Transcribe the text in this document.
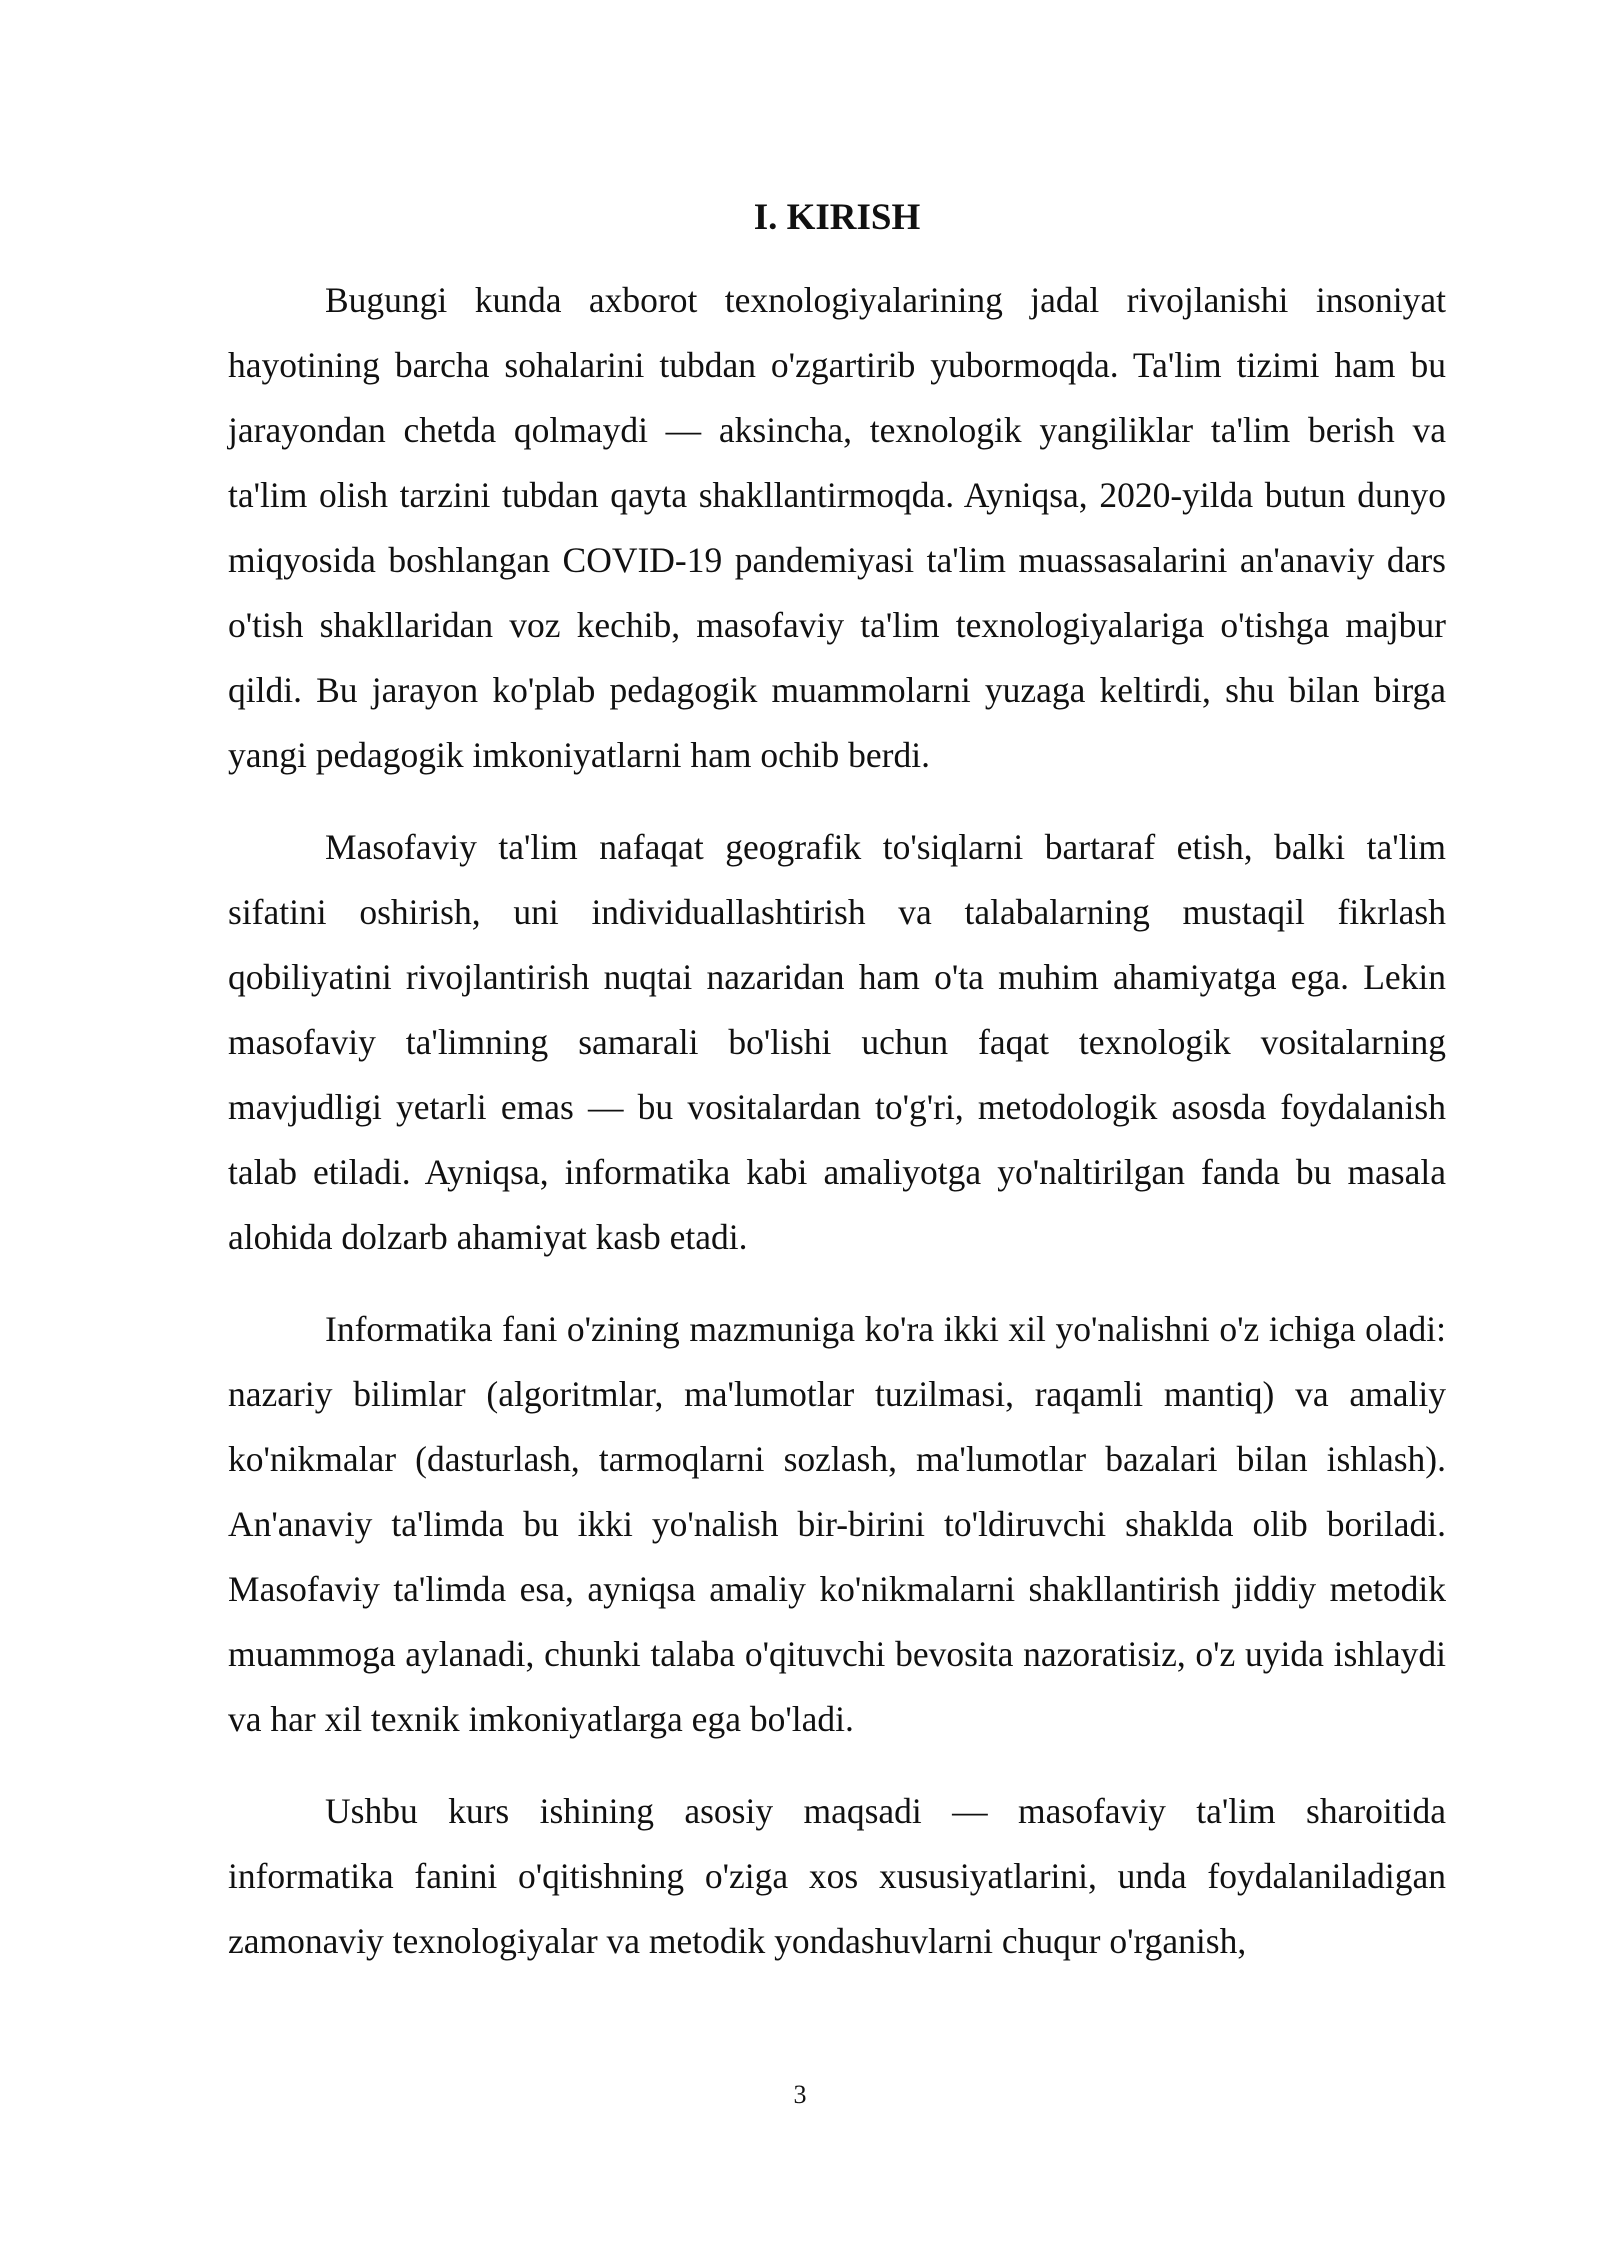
I. KIRISH

Bugungi kunda axborot texnologiyalarining jadal rivojlanishi insoniyat hayotining barcha sohalarini tubdan o'zgartirib yubormoqda. Ta'lim tizimi ham bu jarayondan chetda qolmaydi — aksincha, texnologik yangiliklar ta'lim berish va ta'lim olish tarzini tubdan qayta shakllantirmoqda. Ayniqsa, 2020-yilda butun dunyo miqyosida boshlangan COVID-19 pandemiyasi ta'lim muassasalarini an'anaviy dars o'tish shakllaridan voz kechib, masofaviy ta'lim texnologiyalariga o'tishga majbur qildi. Bu jarayon ko'plab pedagogik muammolarni yuzaga keltirdi, shu bilan birga yangi pedagogik imkoniyatlarni ham ochib berdi.

Masofaviy ta'lim nafaqat geografik to'siqlarni bartaraf etish, balki ta'lim sifatini oshirish, uni individuallashtirish va talabalarning mustaqil fikrlash qobiliyatini rivojlantirish nuqtai nazaridan ham o'ta muhim ahamiyatga ega. Lekin masofaviy ta'limning samarali bo'lishi uchun faqat texnologik vositalarning mavjudligi yetarli emas — bu vositalardan to'g'ri, metodologik asosda foydalanish talab etiladi. Ayniqsa, informatika kabi amaliyotga yo'naltirilgan fanda bu masala alohida dolzarb ahamiyat kasb etadi.

Informatika fani o'zining mazmuniga ko'ra ikki xil yo'nalishni o'z ichiga oladi: nazariy bilimlar (algoritmlar, ma'lumotlar tuzilmasi, raqamli mantiq) va amaliy ko'nikmalar (dasturlash, tarmoqlarni sozlash, ma'lumotlar bazalari bilan ishlash). An'anaviy ta'limda bu ikki yo'nalish bir-birini to'ldiruvchi shaklda olib boriladi. Masofaviy ta'limda esa, ayniqsa amaliy ko'nikmalarni shakllantirish jiddiy metodik muammoga aylanadi, chunki talaba o'qituvchi bevosita nazoratisiz, o'z uyida ishlaydi va har xil texnik imkoniyatlarga ega bo'ladi.

Ushbu kurs ishining asosiy maqsadi — masofaviy ta'lim sharoitida informatika fanini o'qitishning o'ziga xos xususiyatlarini, unda foydalaniladigan zamonaviy texnologiyalar va metodik yondashuvlarni chuqur o'rganish,

3
